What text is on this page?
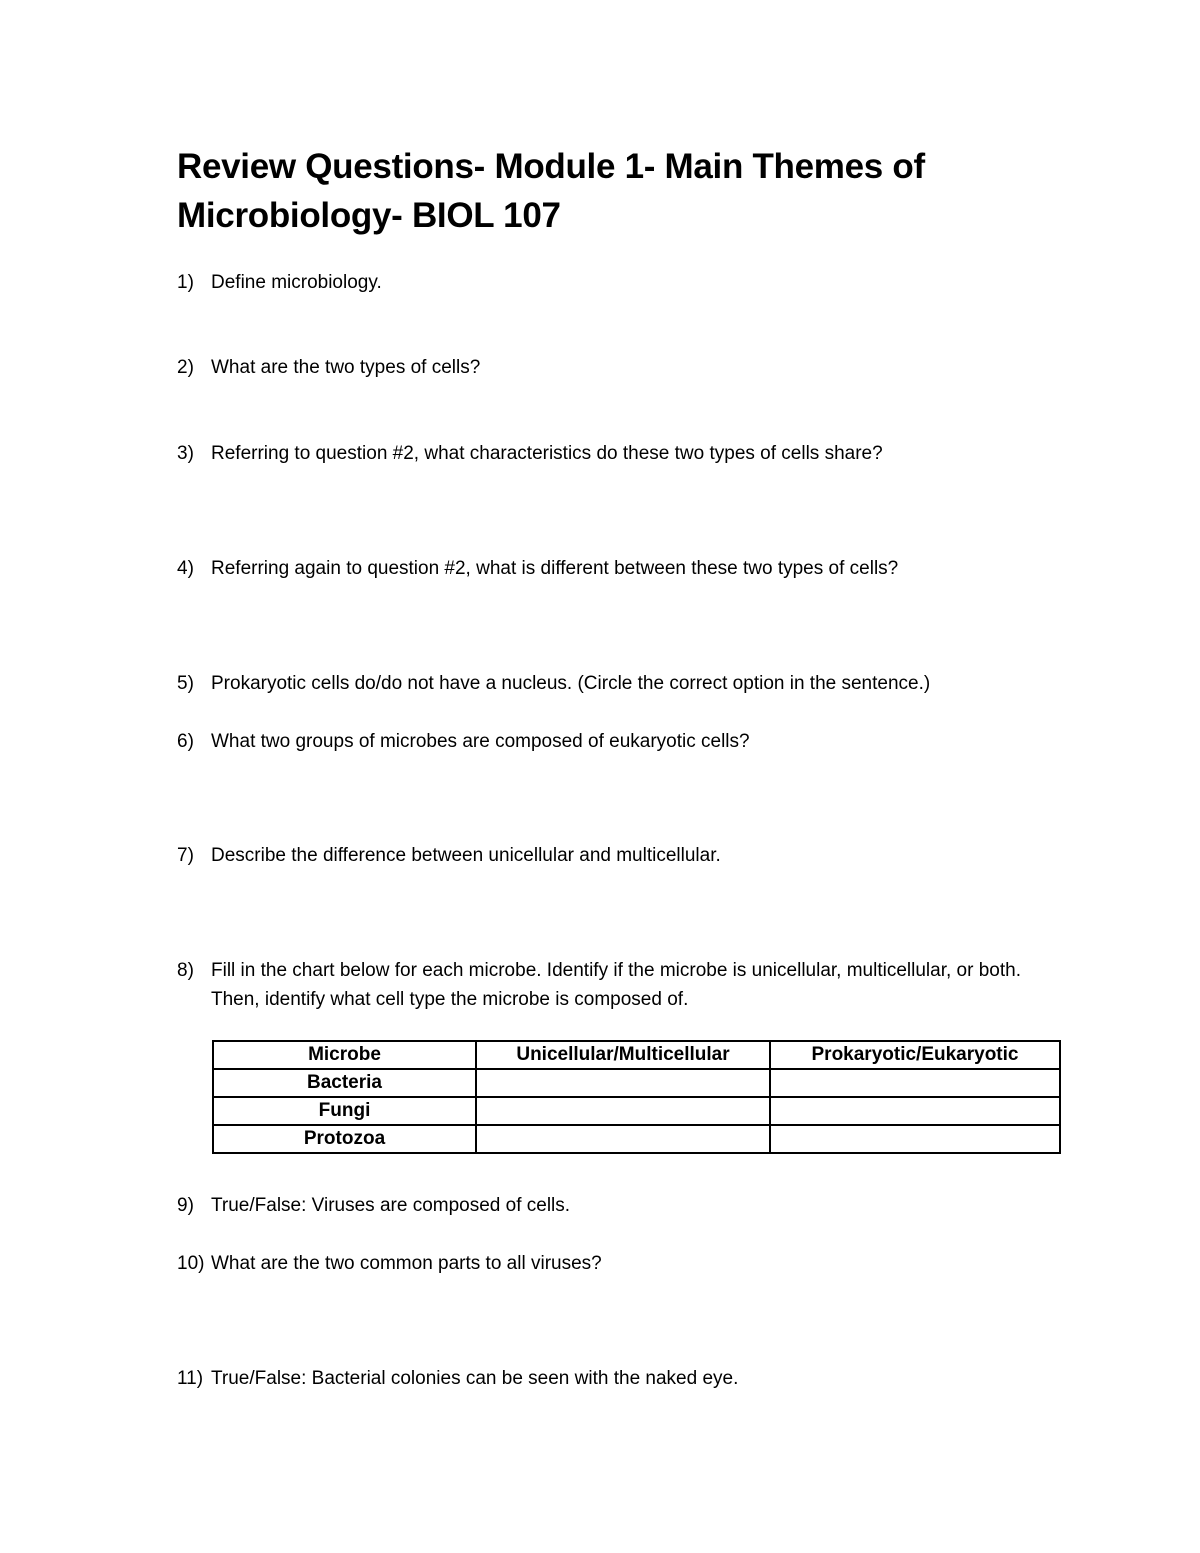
Review Questions- Module 1- Main Themes of Microbiology- BIOL 107
1) Define microbiology.
2) What are the two types of cells?
3) Referring to question #2, what characteristics do these two types of cells share?
4) Referring again to question #2, what is different between these two types of cells?
5) Prokaryotic cells do/do not have a nucleus. (Circle the correct option in the sentence.)
6) What two groups of microbes are composed of eukaryotic cells?
7) Describe the difference between unicellular and multicellular.
8) Fill in the chart below for each microbe. Identify if the microbe is unicellular, multicellular, or both. Then, identify what cell type the microbe is composed of.
Microbe	Unicellular/Multicellular	Prokaryotic/Eukaryotic
Bacteria		
Fungi		
Protozoa		
9) True/False: Viruses are composed of cells.
10) What are the two common parts to all viruses?
11) True/False: Bacterial colonies can be seen with the naked eye.
